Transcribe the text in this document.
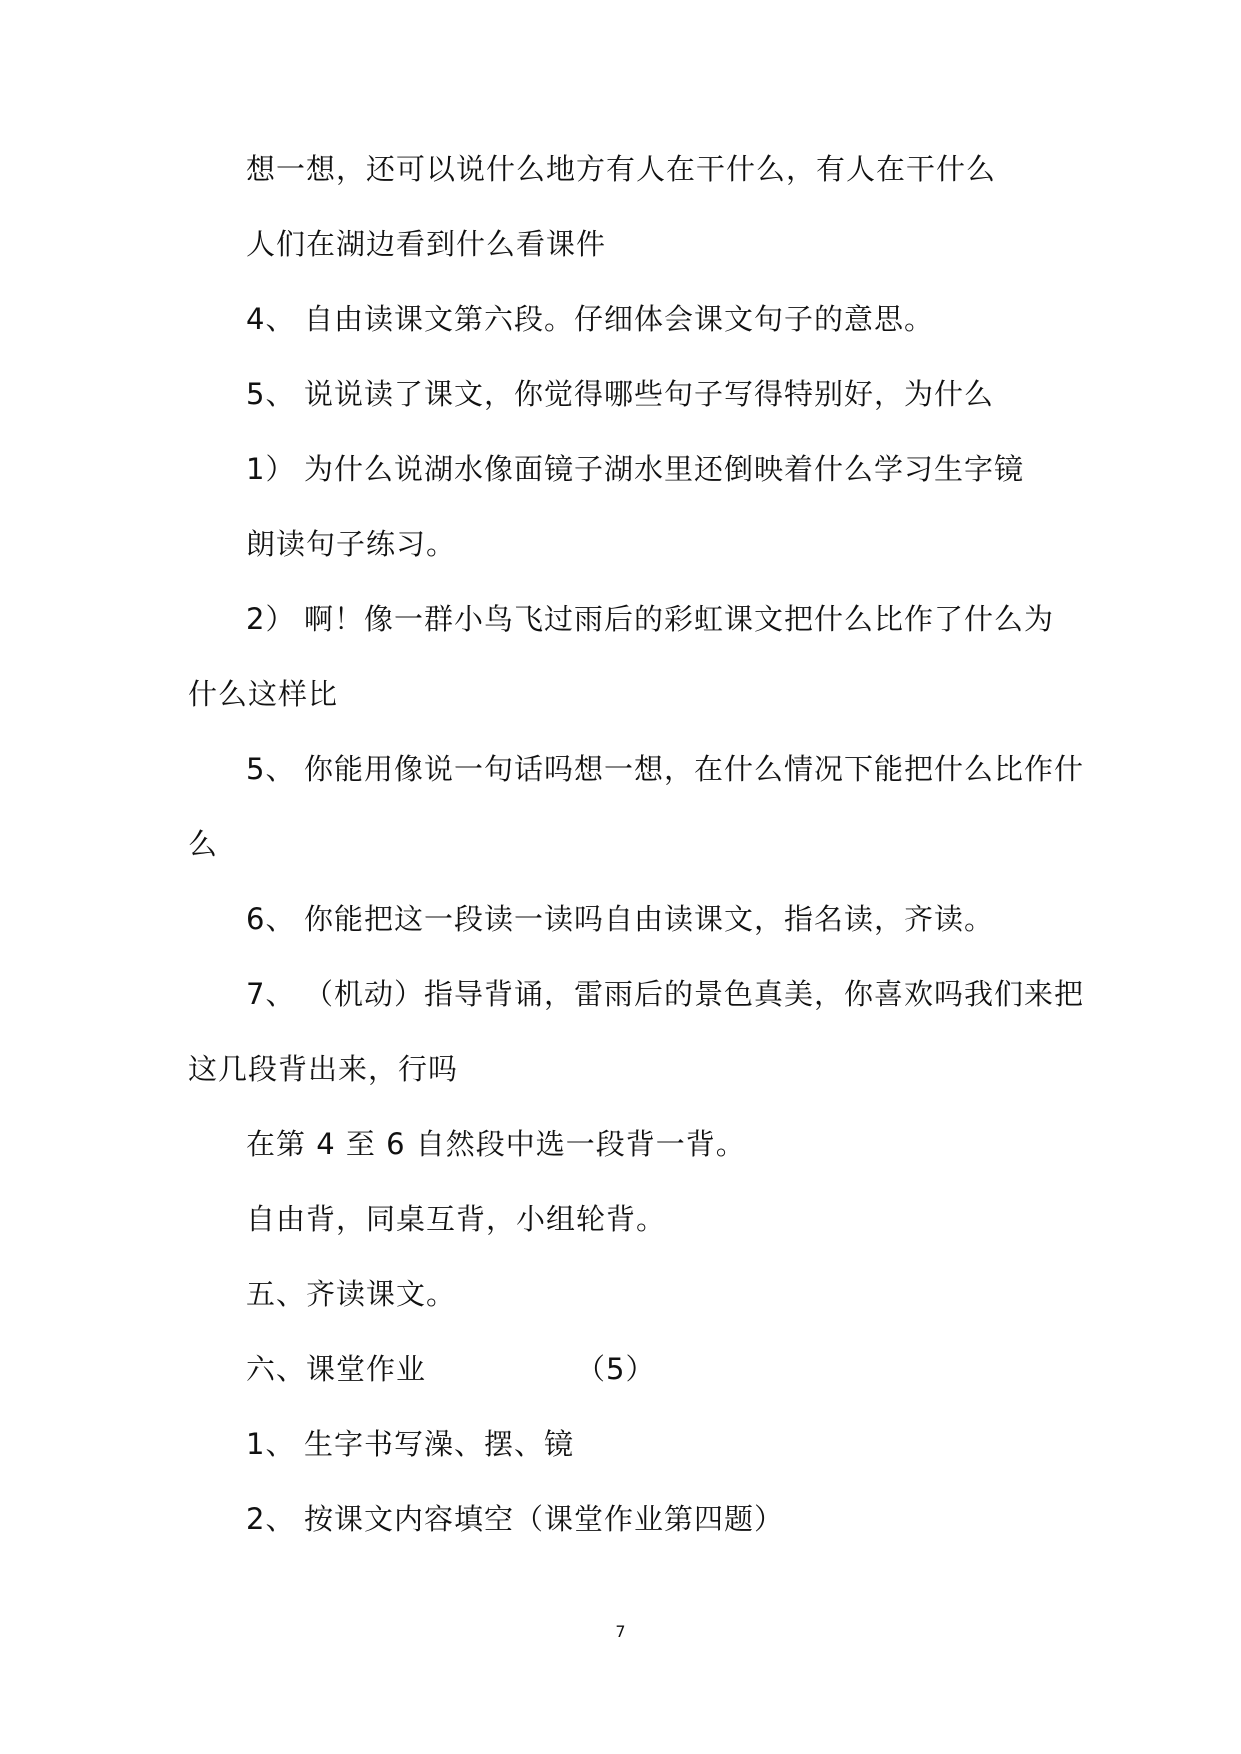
想一想，还可以说什么地方有人在干什么，有人在干什么
人们在湖边看到什么看课件
4、 自由读课文第六段。仔细体会课文句子的意思。
5、 说说读了课文，你觉得哪些句子写得特别好，为什么
1） 为什么说湖水像面镜子湖水里还倒映着什么学习生字镜
朗读句子练习。
2） 啊！像一群小鸟飞过雨后的彩虹课文把什么比作了什么为
什么这样比
5、 你能用像说一句话吗想一想，在什么情况下能把什么比作什
么
6、 你能把这一段读一读吗自由读课文，指名读，齐读。
7、 （机动）指导背诵，雷雨后的景色真美，你喜欢吗我们来把
这几段背出来，行吗
在第 4 至 6 自然段中选一段背一背。
自由背，同桌互背，小组轮背。
五、齐读课文。
六、课堂作业	（5）
1、 生字书写澡、摆、镜
2、 按课文内容填空（课堂作业第四题）
7
